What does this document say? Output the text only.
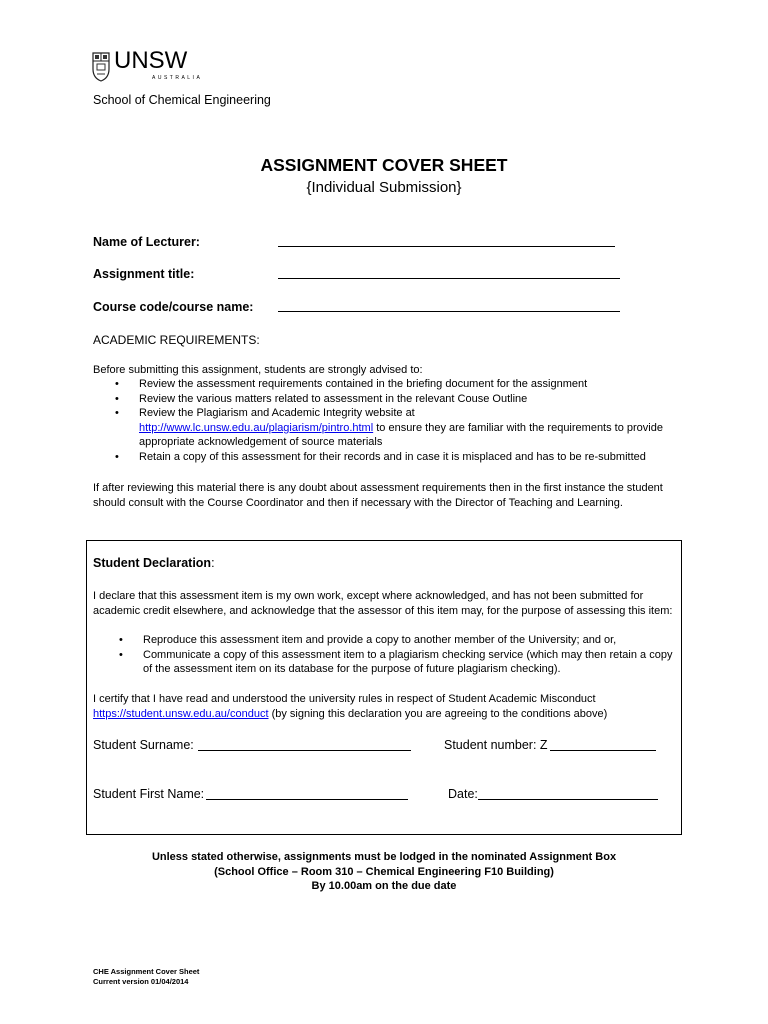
UNSW
AUSTRALIA
School of Chemical Engineering
ASSIGNMENT COVER SHEET
{Individual Submission}
Name of Lecturer:
Assignment title:
Course code/course name:
ACADEMIC REQUIREMENTS:
Before submitting this assignment, students are strongly advised to:
• Review the assessment requirements contained in the briefing document for the assignment
• Review the various matters related to assessment in the relevant Couse Outline
• Review the Plagiarism and Academic Integrity website at
http://www.lc.unsw.edu.au/plagiarism/pintro.html to ensure they are familiar with the requirements to provide appropriate acknowledgement of source materials
• Retain a copy of this assessment for their records and in case it is misplaced and has to be re-submitted
If after reviewing this material there is any doubt about assessment requirements then in the first instance the student should consult with the Course Coordinator and then if necessary with the Director of Teaching and Learning.
Student Declaration:
I declare that this assessment item is my own work, except where acknowledged, and has not been submitted for academic credit elsewhere, and acknowledge that the assessor of this item may, for the purpose of assessing this item:
• Reproduce this assessment item and provide a copy to another member of the University; and or,
• Communicate a copy of this assessment item to a plagiarism checking service (which may then retain a copy of the assessment item on its database for the purpose of future plagiarism checking).
I certify that I have read and understood the university rules in respect of Student Academic Misconduct
https://student.unsw.edu.au/conduct (by signing this declaration you are agreeing to the conditions above)
Student Surname:	Student number: Z
Student First Name:	Date:
Unless stated otherwise, assignments must be lodged in the nominated Assignment Box
(School Office – Room 310 – Chemical Engineering F10 Building)
By 10.00am on the due date
CHE Assignment Cover Sheet
Current version 01/04/2014
